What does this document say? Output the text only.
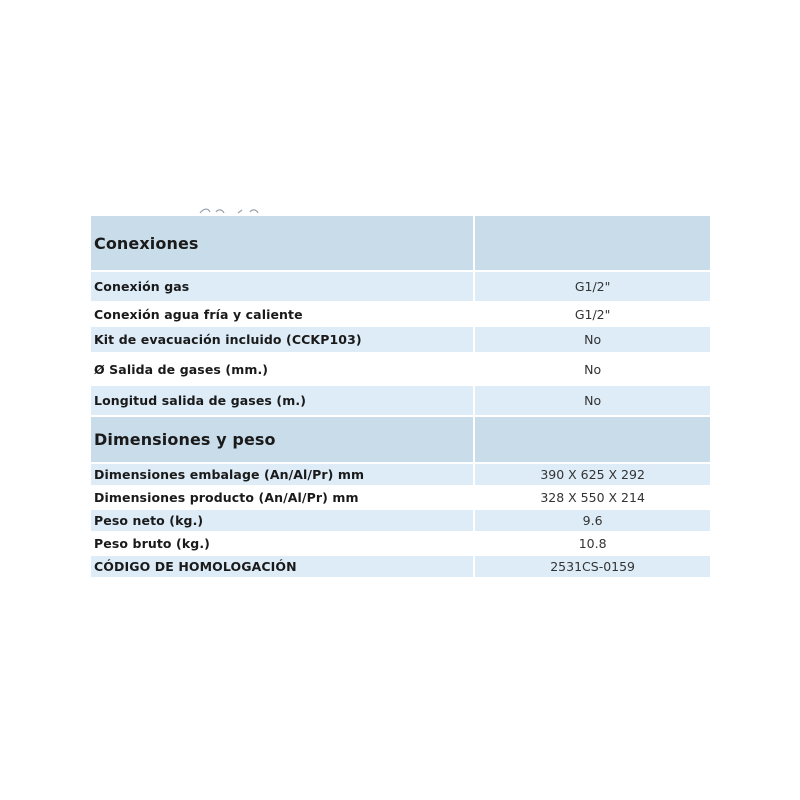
Conexiones	
Conexión gas	G1/2"
Conexión agua fría y caliente	G1/2"
Kit de evacuación incluido (CCKP103)	No
Ø Salida de gases (mm.)	No
Longitud salida de gases (m.)	No
Dimensiones y peso	
Dimensiones embalage (An/Al/Pr) mm	390 X 625 X 292
Dimensiones producto (An/Al/Pr) mm	328 X 550 X 214
Peso neto (kg.)	9.6
Peso bruto (kg.)	10.8
CÓDIGO DE HOMOLOGACIÓN	2531CS-0159
